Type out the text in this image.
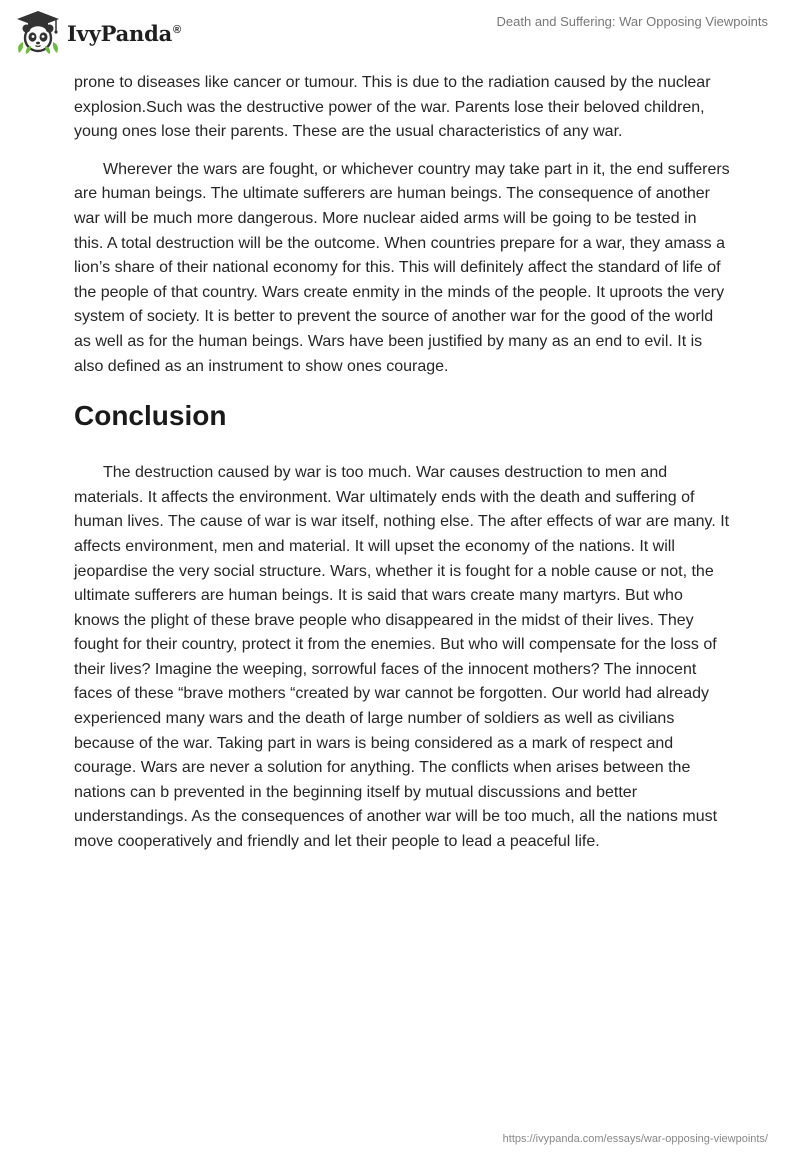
IvyPanda®
Death and Suffering: War Opposing Viewpoints

prone to diseases like cancer or tumour. This is due to the radiation caused by the nuclear explosion.Such was the destructive power of the war. Parents lose their beloved children, young ones lose their parents. These are the usual characteristics of any war.

Wherever the wars are fought, or whichever country may take part in it, the end sufferers are human beings. The ultimate sufferers are human beings. The consequence of another war will be much more dangerous. More nuclear aided arms will be going to be tested in this. A total destruction will be the outcome. When countries prepare for a war, they amass a lion’s share of their national economy for this. This will definitely affect the standard of life of the people of that country. Wars create enmity in the minds of the people. It uproots the very system of society. It is better to prevent the source of another war for the good of the world as well as for the human beings. Wars have been justified by many as an end to evil. It is also defined as an instrument to show ones courage.

Conclusion

The destruction caused by war is too much. War causes destruction to men and materials. It affects the environment. War ultimately ends with the death and suffering of human lives. The cause of war is war itself, nothing else. The after effects of war are many. It affects environment, men and material. It will upset the economy of the nations. It will jeopardise the very social structure. Wars, whether it is fought for a noble cause or not, the ultimate sufferers are human beings. It is said that wars create many martyrs. But who knows the plight of these brave people who disappeared in the midst of their lives. They fought for their country, protect it from the enemies. But who will compensate for the loss of their lives? Imagine the weeping, sorrowful faces of the innocent mothers? The innocent faces of these “brave mothers “created by war cannot be forgotten. Our world had already experienced many wars and the death of large number of soldiers as well as civilians because of the war. Taking part in wars is being considered as a mark of respect and courage. Wars are never a solution for anything. The conflicts when arises between the nations can b prevented in the beginning itself by mutual discussions and better understandings. As the consequences of another war will be too much, all the nations must move cooperatively and friendly and let their people to lead a peaceful life.

https://ivypanda.com/essays/war-opposing-viewpoints/
